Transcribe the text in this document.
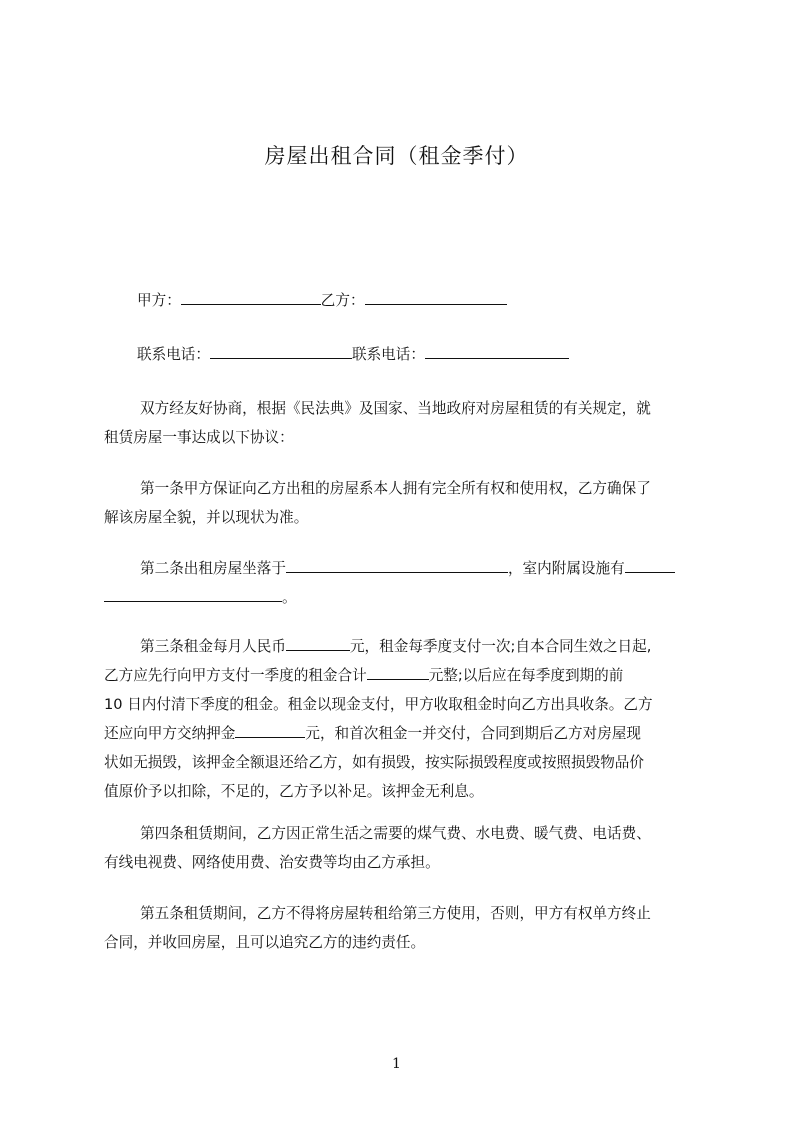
房屋出租合同（租金季付）
甲方：	乙方：
联系电话：	联系电话：
双方经友好协商，根据《民法典》及国家、当地政府对房屋租赁的有关规定，就
租赁房屋一事达成以下协议：
第一条甲方保证向乙方出租的房屋系本人拥有完全所有权和使用权，乙方确保了
解该房屋全貌，并以现状为准。
第二条出租房屋坐落于	，室内附属设施有
。
第三条租金每月人民币	元，租金每季度支付一次;自本合同生效之日起,
乙方应先行向甲方支付一季度的租金合计	元整;以后应在每季度到期的前
10 日内付清下季度的租金。租金以现金支付，甲方收取租金时向乙方出具收条。乙方
还应向甲方交纳押金	元，和首次租金一并交付，合同到期后乙方对房屋现
状如无损毁，该押金全额退还给乙方，如有损毁，按实际损毁程度或按照损毁物品价
值原价予以扣除，不足的，乙方予以补足。该押金无利息。
第四条租赁期间，乙方因正常生活之需要的煤气费、水电费、暖气费、电话费、
有线电视费、网络使用费、治安费等均由乙方承担。
第五条租赁期间，乙方不得将房屋转租给第三方使用，否则，甲方有权单方终止
合同，并收回房屋，且可以追究乙方的违约责任。
1
